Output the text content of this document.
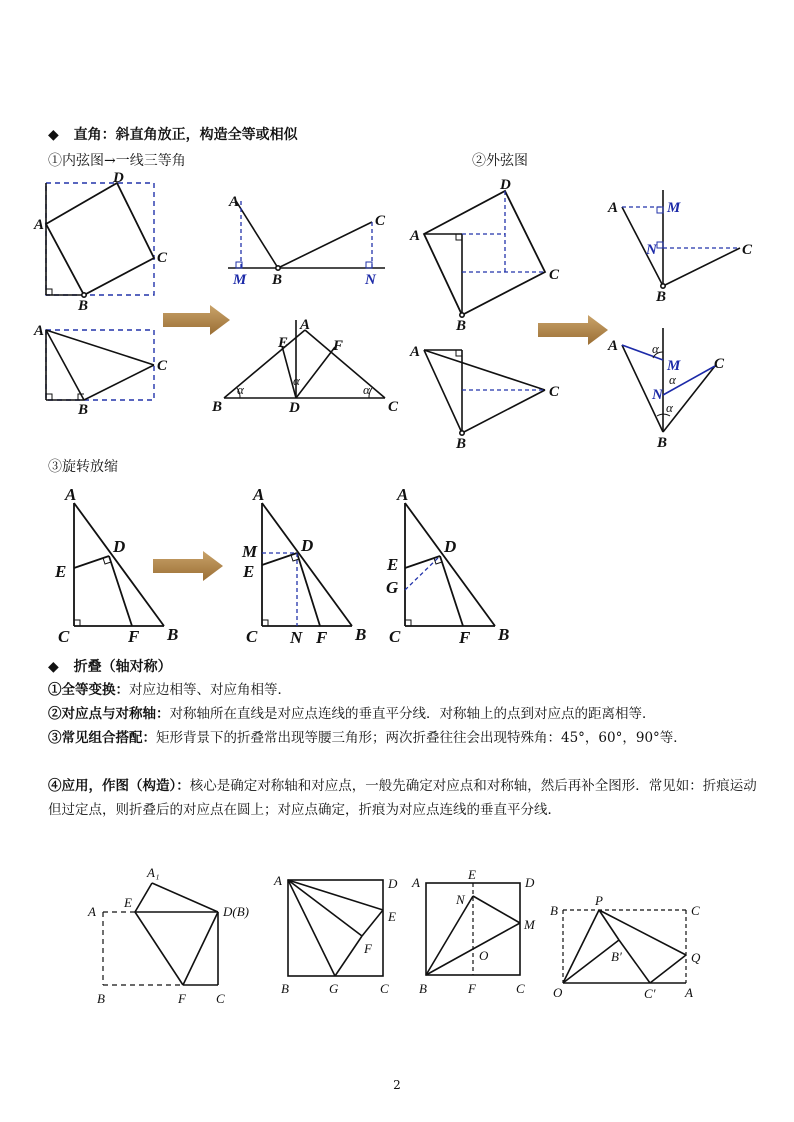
◆ 直角：斜直角放正，构造全等或相似
①内弦图→一线三等角	②外弦图
A
D
C
B
A
C
B
A
C
M B	N
A
E	F
B	D	C
α
α
α
A
D
C
B
A
C
B
A	M
N	C
B
A
M
N
C
B
α
α
α
A
D
E
C	F B
A
D
M
E
C N F B
A
D
E
G
C	F B
A₁
A
E
D(B)
B	F C
A	D
E
F
B	G	C
A
E
D
N
M
O
B	F	C
B
P
C
B′	Q
O	C′ A
③旋转放缩
◆ 折叠（轴对称）
①全等变换：对应边相等、对应角相等．
②对应点与对称轴：对称轴所在直线是对应点连线的垂直平分线．对称轴上的点到对应点的距离相等．
③常见组合搭配：矩形背景下的折叠常出现等腰三角形；两次折叠往往会出现特殊角：45°，60°，90°等．
④应用，作图（构造）：核心是确定对称轴和对应点，一般先确定对应点和对称轴，然后再补全图形．常见如：折痕运动但过定点，则折叠后的对应点在圆上；对应点确定，折痕为对应点连线的垂直平分线．
2
